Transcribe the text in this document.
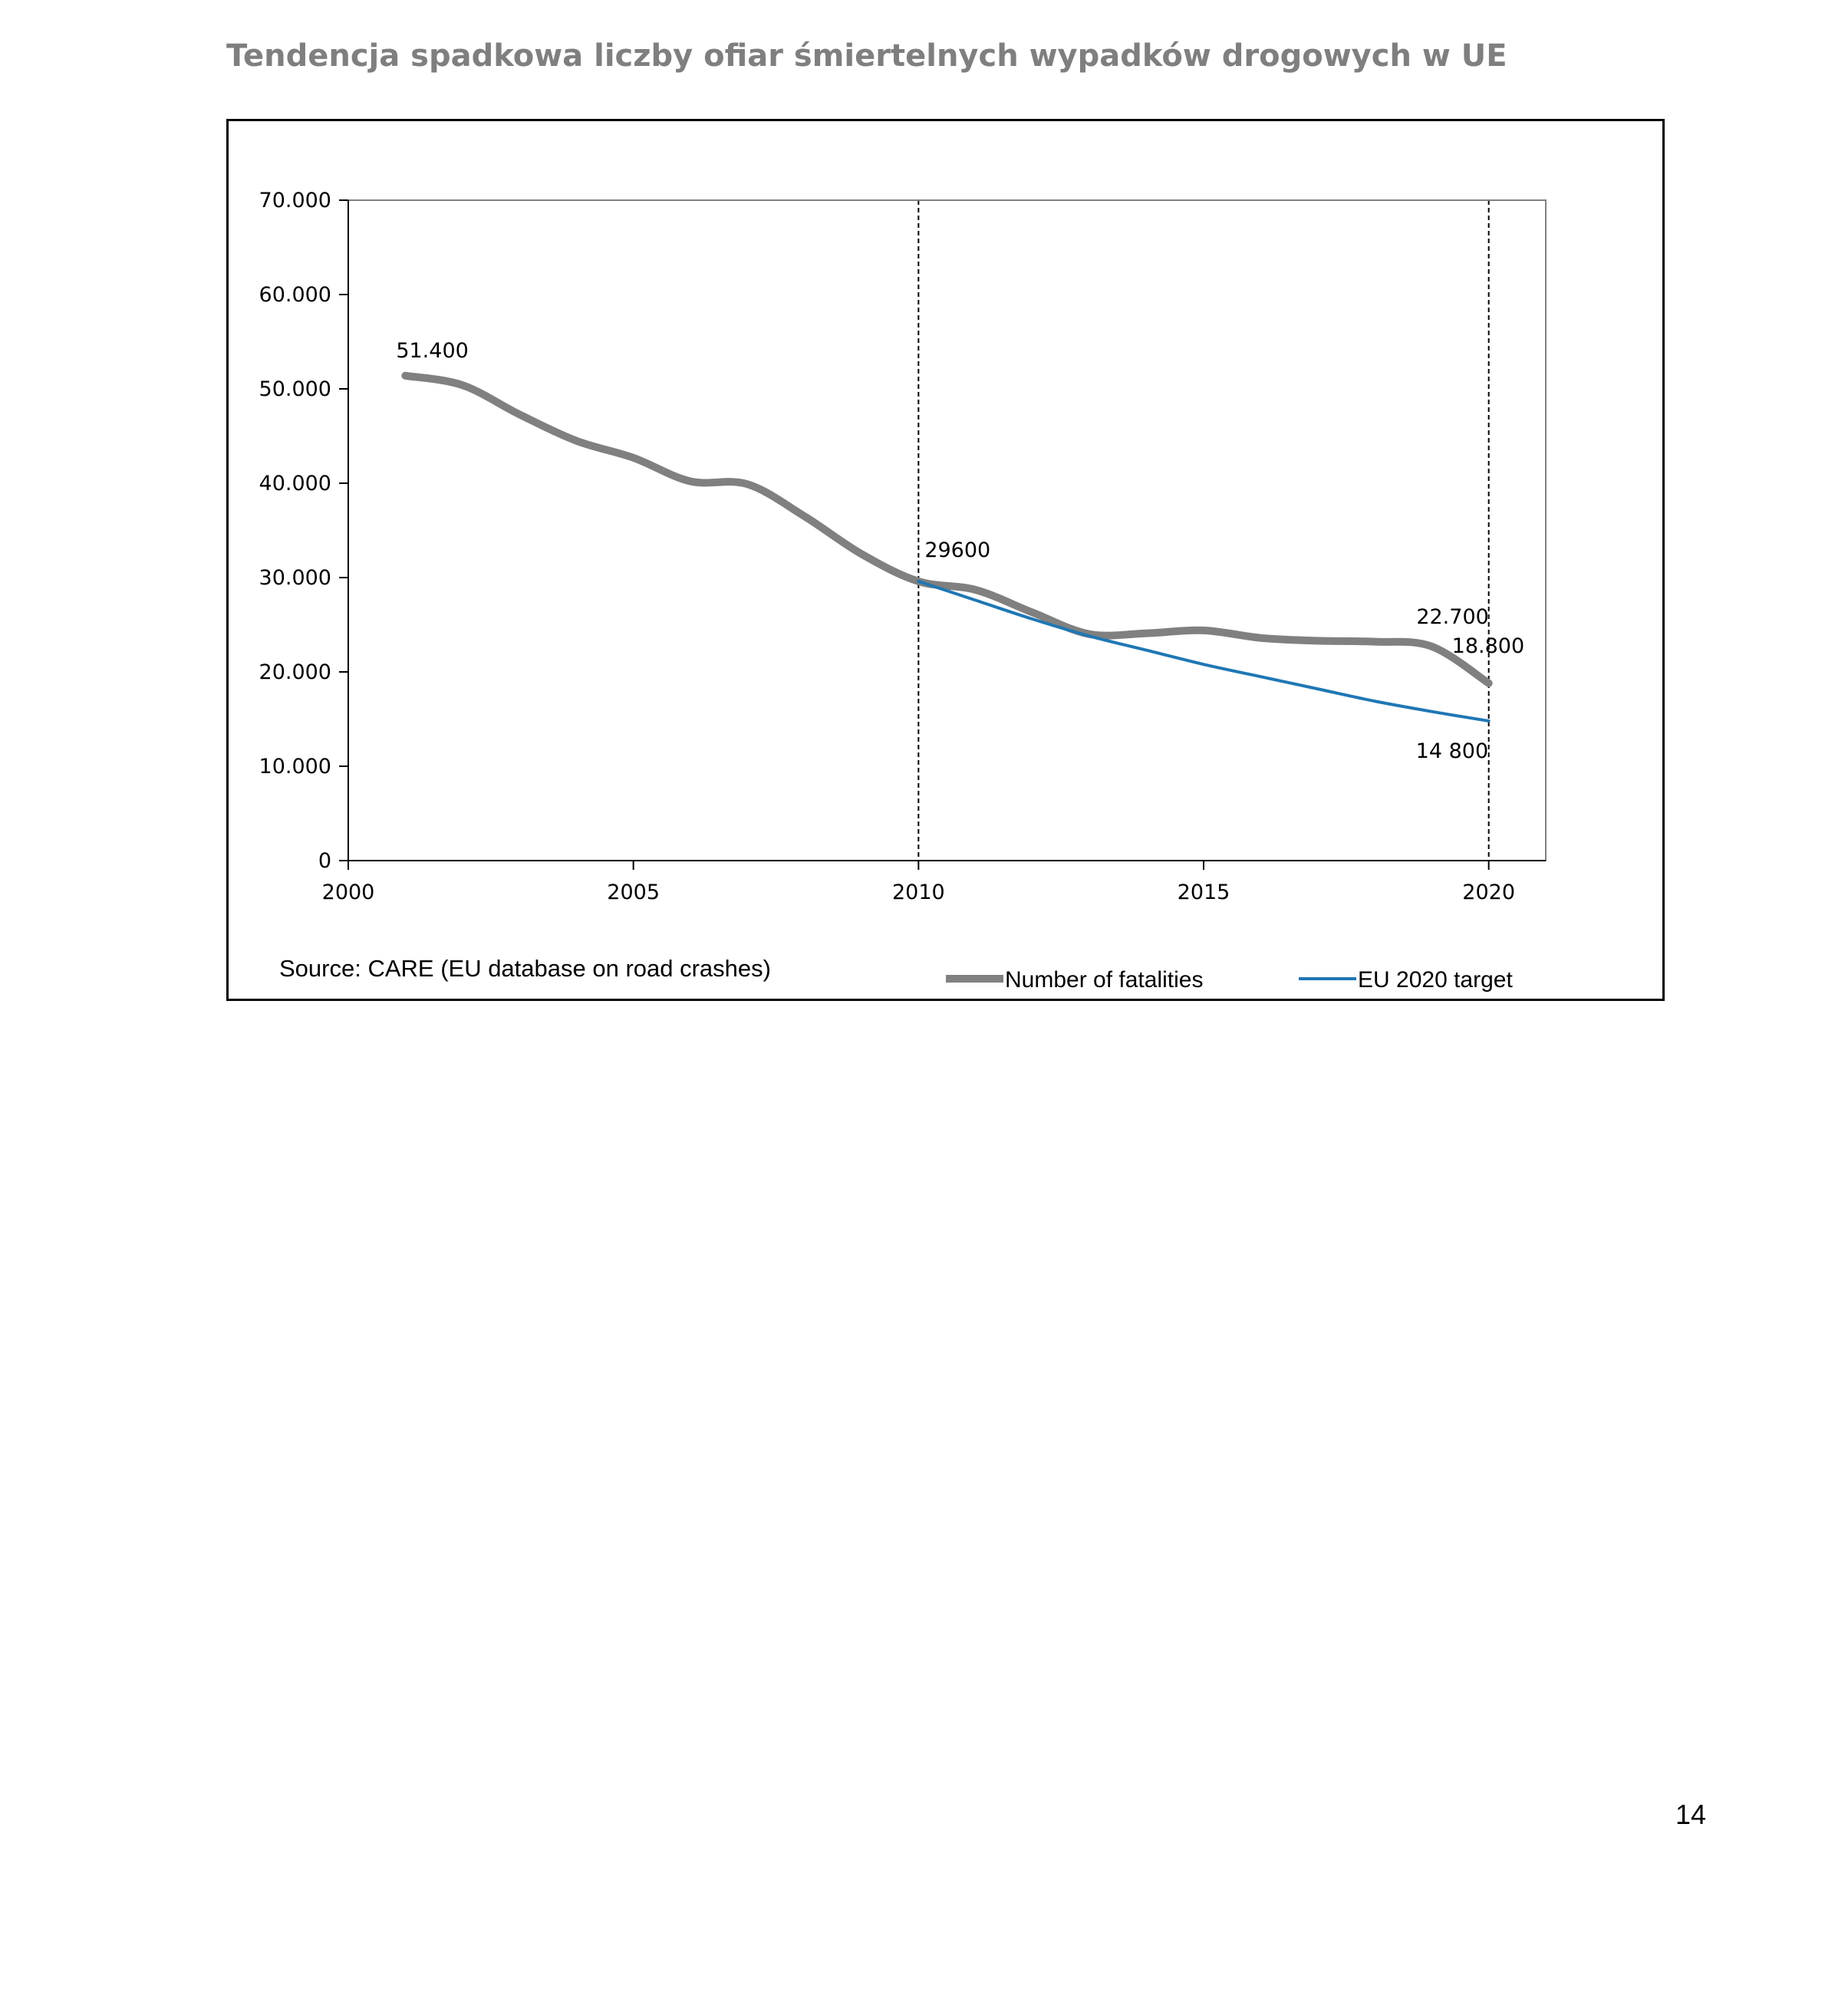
Tendencja spadkowa liczby ofiar śmiertelnych wypadków drogowych w UE
0
10.000
20.000
30.000
40.000
50.000
60.000
70.000
2000	2005	2010	2015	2020
51.400
29600
22.700
18.800
14 800
Source: CARE (EU database on road crashes)	Number of fatalities	EU 2020 target
14
